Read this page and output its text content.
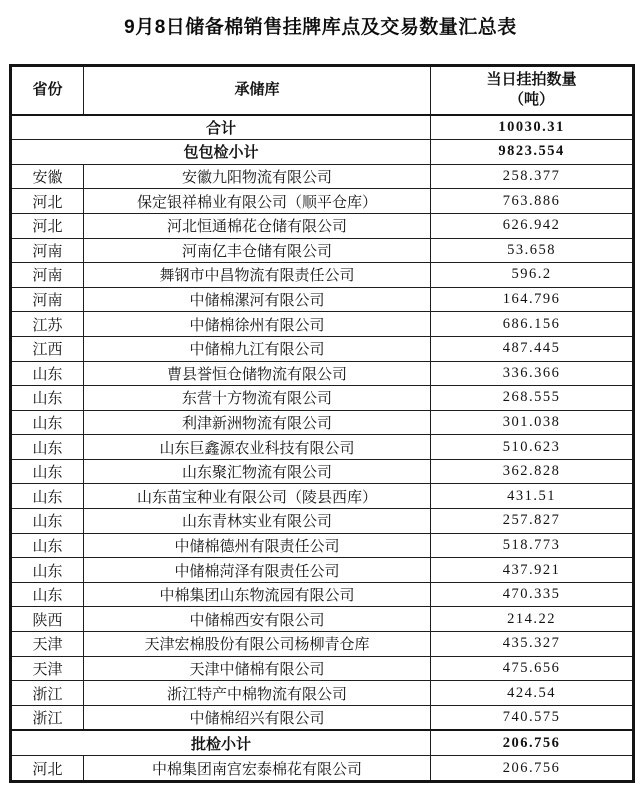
9月8日储备棉销售挂牌库点及交易数量汇总表
省份	承储库	当日挂拍数量
（吨）

合计		10030.31
包包检小计		9823.554
安徽	安徽九阳物流有限公司	258.377
河北	保定银祥棉业有限公司（顺平仓库）	763.886
河北	河北恒通棉花仓储有限公司	626.942
河南	河南亿丰仓储有限公司	53.658
河南	舞钢市中昌物流有限责任公司	596.2
河南	中储棉漯河有限公司	164.796
江苏	中储棉徐州有限公司	686.156
江西	中储棉九江有限公司	487.445
山东	曹县誉恒仓储物流有限公司	336.366
山东	东营十方物流有限公司	268.555
山东	利津新洲物流有限公司	301.038
山东	山东巨鑫源农业科技有限公司	510.623
山东	山东聚汇物流有限公司	362.828
山东	山东苗宝种业有限公司（陵县西库）	431.51
山东	山东青林实业有限公司	257.827
山东	中储棉德州有限责任公司	518.773
山东	中储棉菏泽有限责任公司	437.921
山东	中棉集团山东物流园有限公司	470.335
陕西	中储棉西安有限公司	214.22
天津	天津宏棉股份有限公司杨柳青仓库	435.327
天津	天津中储棉有限公司	475.656
浙江	浙江特产中棉物流有限公司	424.54
浙江	中储棉绍兴有限公司	740.575
批检小计		206.756
河北	中棉集团南宫宏泰棉花有限公司	206.756
